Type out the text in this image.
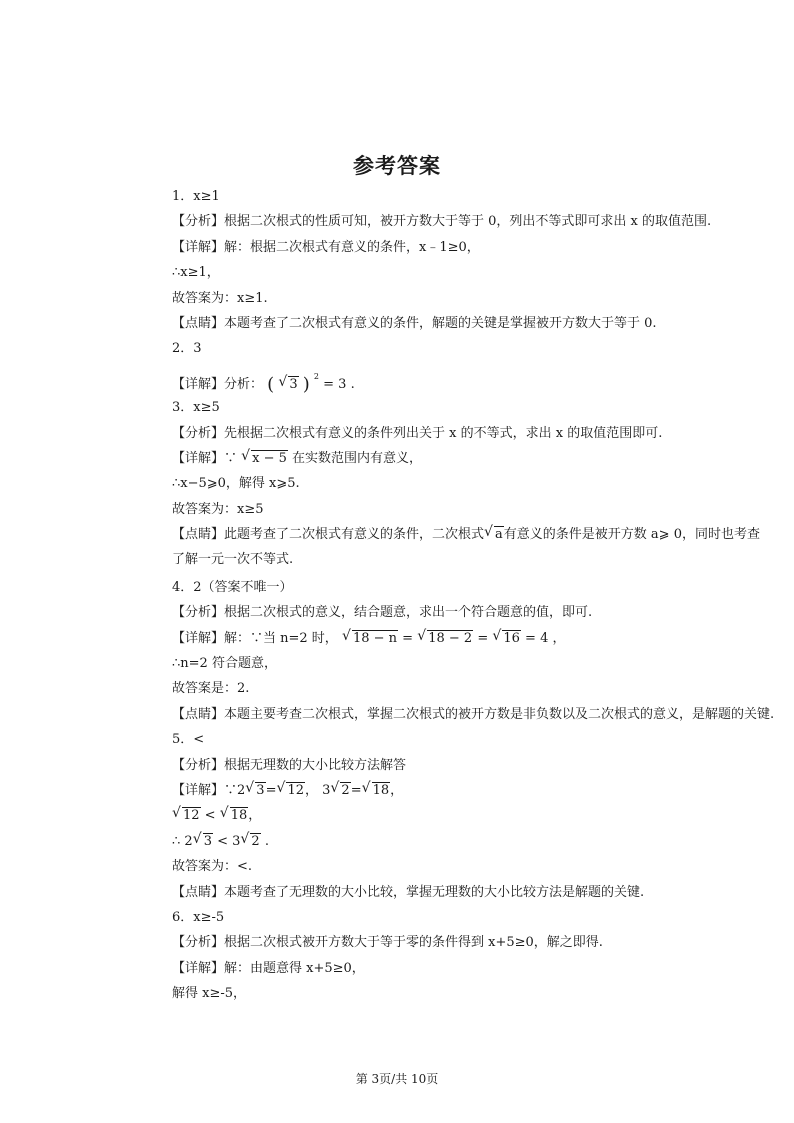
参考答案
1．x≥1
【分析】根据二次根式的性质可知，被开方数大于等于 0，列出不等式即可求出 x 的取值范围.
【详解】解：根据二次根式有意义的条件，x﹣1≥0，
∴x≥1，
故答案为：x≥1.
【点睛】本题考查了二次根式有意义的条件，解题的关键是掌握被开方数大于等于 0.
2．3
【详解】分析： ( √ 3 ) $^2$ = 3 .
3．x≥5
【分析】先根据二次根式有意义的条件列出关于 x 的不等式，求出 x 的取值范围即可.
【详解】∵ √ x − 5 在实数范围内有意义，
∴x−5⩾0，解得 x⩾5.
故答案为：x≥5
【点睛】此题考查了二次根式有意义的条件，二次根式 √ a有意义的条件是被开方数 a⩾ 0，同时也考查了解一元一次不等式.
4．2（答案不唯一）
【分析】根据二次根式的意义，结合题意，求出一个符合题意的值，即可.
【详解】解：∵当 n=2 时， √ 18 − n = √ 18 − 2 = √ 16 = 4 ，
∴n=2 符合题意，
故答案是：2.
【点睛】本题主要考查二次根式，掌握二次根式的被开方数是非负数以及二次根式的意义，是解题的关键.
5．<
【分析】根据无理数的大小比较方法解答
【详解】∵2 √ 3= √ 12， 3 √ 2= √ 18，
√ 12 < √ 18，
∴ 2 √ 3 < 3 √ 2 .
故答案为：<.
【点睛】本题考查了无理数的大小比较，掌握无理数的大小比较方法是解题的关键.
6．x≥-5
【分析】根据二次根式被开方数大于等于零的条件得到 x+5≥0，解之即得.
【详解】解：由题意得 x+5≥0，
解得 x≥-5，
第 3页/共 10页
